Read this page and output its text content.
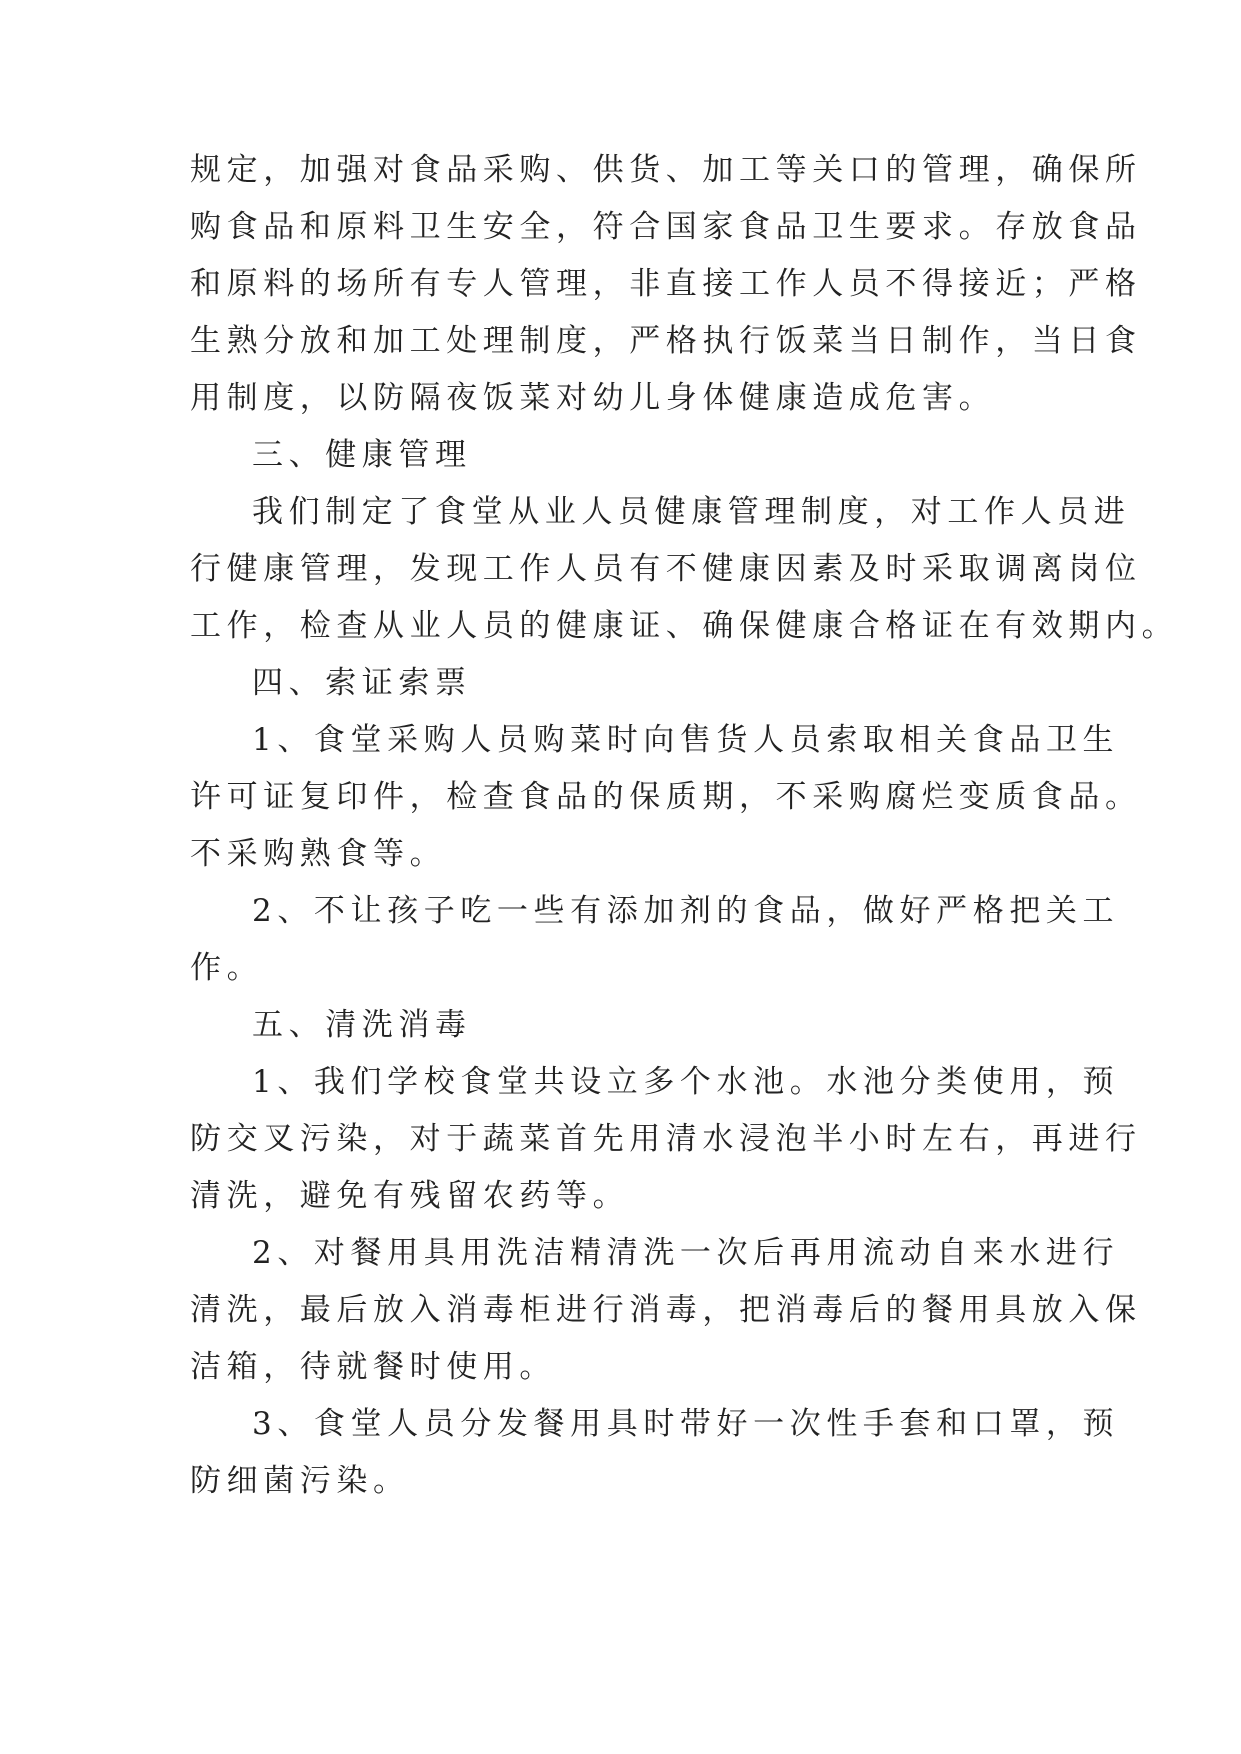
规定，加强对食品采购、供货、加工等关口的管理，确保所
购食品和原料卫生安全，符合国家食品卫生要求。存放食品
和原料的场所有专人管理，非直接工作人员不得接近；严格
生熟分放和加工处理制度，严格执行饭菜当日制作，当日食
用制度，以防隔夜饭菜对幼儿身体健康造成危害。
三、健康管理
我们制定了食堂从业人员健康管理制度，对工作人员进
行健康管理，发现工作人员有不健康因素及时采取调离岗位
工作，检查从业人员的健康证、确保健康合格证在有效期内。
四、索证索票
1、食堂采购人员购菜时向售货人员索取相关食品卫生
许可证复印件，检查食品的保质期，不采购腐烂变质食品。
不采购熟食等。
2、不让孩子吃一些有添加剂的食品，做好严格把关工
作。
五、清洗消毒
1、我们学校食堂共设立多个水池。水池分类使用，预
防交叉污染，对于蔬菜首先用清水浸泡半小时左右，再进行
清洗，避免有残留农药等。
2、对餐用具用洗洁精清洗一次后再用流动自来水进行
清洗，最后放入消毒柜进行消毒，把消毒后的餐用具放入保
洁箱，待就餐时使用。
3、食堂人员分发餐用具时带好一次性手套和口罩，预
防细菌污染。
